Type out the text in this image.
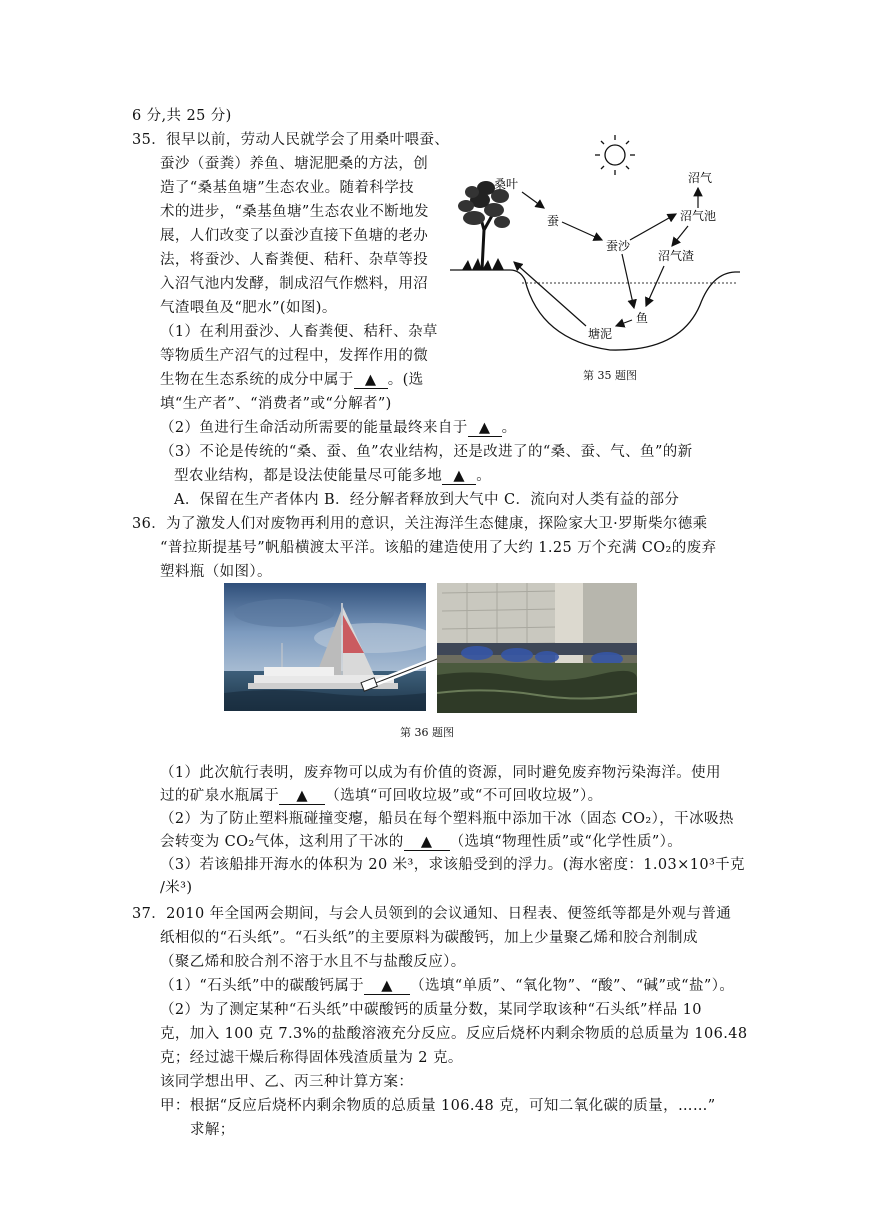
6 分,共 25 分)
35．很早以前，劳动人民就学会了用桑叶喂蚕、
蚕沙（蚕粪）养鱼、塘泥肥桑的方法，创
造了“桑基鱼塘”生态农业。随着科学技
术的进步，“桑基鱼塘”生态农业不断地发
展，人们改变了以蚕沙直接下鱼塘的老办
法，将蚕沙、人畜粪便、秸秆、杂草等投
入沼气池内发酵，制成沼气作燃料，用沼
气渣喂鱼及“肥水”(如图)。
（1）在利用蚕沙、人畜粪便、秸秆、杂草
等物质生产沼气的过程中，发挥作用的微
生物在生态系统的成分中属于 ▲ 。(选
填“生产者”、“消费者”或“分解者”)
（2）鱼进行生命活动所需要的能量最终来自于 ▲ 。
（3）不论是传统的“桑、蚕、鱼”农业结构，还是改进了的“桑、蚕、气、鱼”的新
型农业结构，都是设法使能量尽可能多地 ▲ 。
A．保留在生产者体内 B．经分解者释放到大气中 C．流向对人类有益的部分
桑叶
蚕
蚕沙
沼气
沼气池
沼气渣
鱼
塘泥
第 35 题图
36．为了激发人们对废物再利用的意识，关注海洋生态健康，探险家大卫·罗斯柴尔德乘
“普拉斯提基号”帆船横渡太平洋。该船的建造使用了大约 1.25 万个充满 CO₂的废弃
塑料瓶（如图）。
第 36 题图
（1）此次航行表明，废弃物可以成为有价值的资源，同时避免废弃物污染海洋。使用
过的矿泉水瓶属于 ▲ （选填“可回收垃圾”或“不可回收垃圾”）。
（2）为了防止塑料瓶碰撞变瘪，船员在每个塑料瓶中添加干冰（固态 CO₂），干冰吸热
会转变为 CO₂气体，这利用了干冰的 ▲ （选填“物理性质”或“化学性质”）。
（3）若该船排开海水的体积为 20 米³，求该船受到的浮力。(海水密度：1.03×10³千克
/米³)
37．2010 年全国两会期间，与会人员领到的会议通知、日程表、便签纸等都是外观与普通
纸相似的“石头纸”。“石头纸”的主要原料为碳酸钙，加上少量聚乙烯和胶合剂制成
（聚乙烯和胶合剂不溶于水且不与盐酸反应）。
（1）“石头纸”中的碳酸钙属于 ▲ （选填“单质”、“氧化物”、“酸”、“碱”或“盐”）。
（2）为了测定某种“石头纸”中碳酸钙的质量分数，某同学取该种“石头纸”样品 10
克，加入 100 克 7.3%的盐酸溶液充分反应。反应后烧杯内剩余物质的总质量为 106.48
克；经过滤干燥后称得固体残渣质量为 2 克。
该同学想出甲、乙、丙三种计算方案：
甲：根据“反应后烧杯内剩余物质的总质量 106.48 克，可知二氧化碳的质量，……”
求解；
